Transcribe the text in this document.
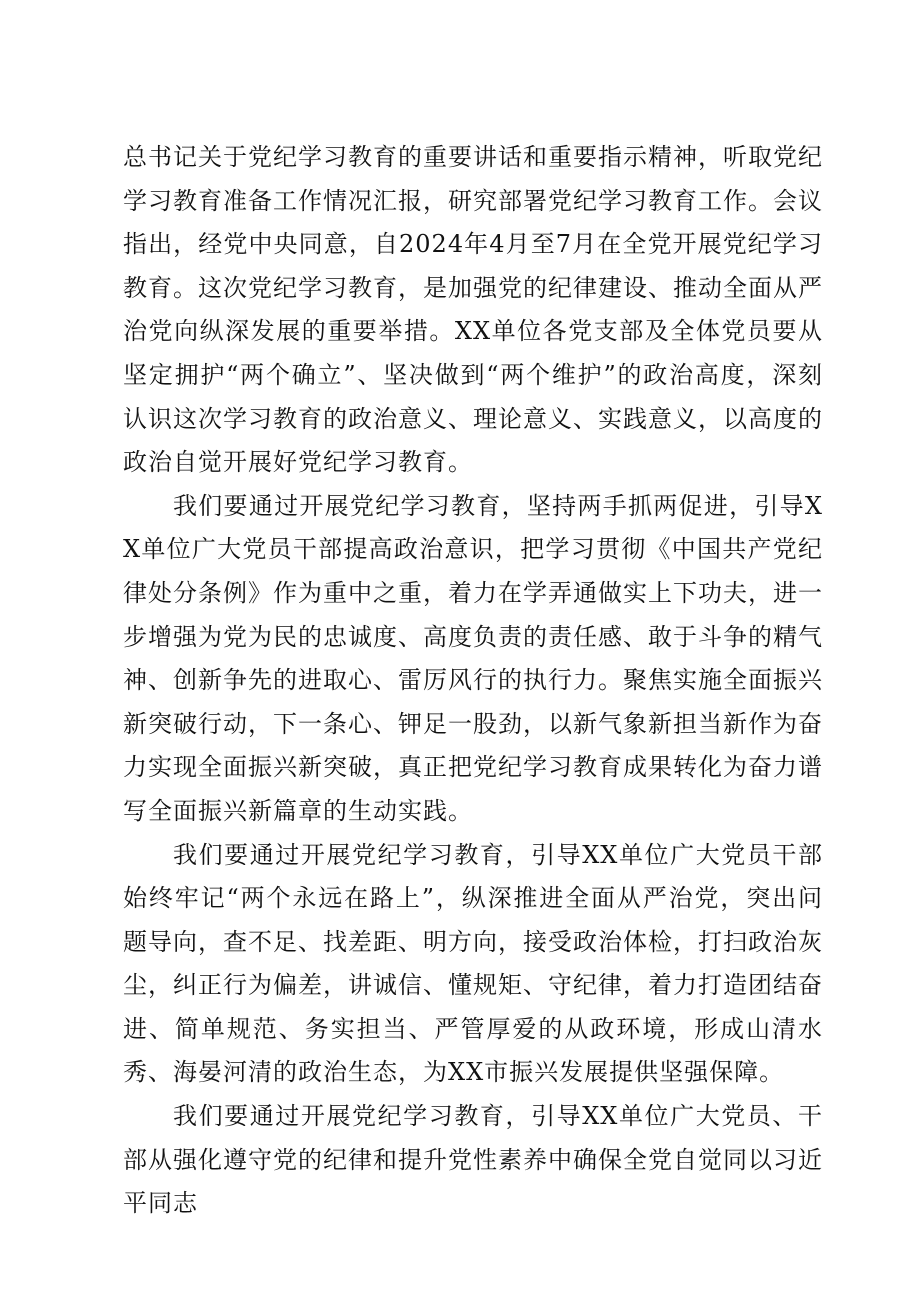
总书记关于党纪学习教育的重要讲话和重要指示精神，听取党纪学习教育准备工作情况汇报，研究部署党纪学习教育工作。会议指出，经党中央同意，自2024年4月至7月在全党开展党纪学习教育。这次党纪学习教育，是加强党的纪律建设、推动全面从严治党向纵深发展的重要举措。XX单位各党支部及全体党员要从坚定拥护“两个确立”、坚决做到“两个维护”的政治高度，深刻认识这次学习教育的政治意义、理论意义、实践意义，以高度的政治自觉开展好党纪学习教育。

我们要通过开展党纪学习教育，坚持两手抓两促进，引导XX单位广大党员干部提高政治意识，把学习贯彻《中国共产党纪律处分条例》作为重中之重，着力在学弄通做实上下功夫，进一步增强为党为民的忠诚度、高度负责的责任感、敢于斗争的精气神、创新争先的进取心、雷厉风行的执行力。聚焦实施全面振兴新突破行动，下一条心、钾足一股劲，以新气象新担当新作为奋力实现全面振兴新突破，真正把党纪学习教育成果转化为奋力谱写全面振兴新篇章的生动实践。

我们要通过开展党纪学习教育，引导XX单位广大党员干部始终牢记“两个永远在路上”，纵深推进全面从严治党，突出问题导向，查不足、找差距、明方向，接受政治体检，打扫政治灰尘，纠正行为偏差，讲诚信、懂规矩、守纪律，着力打造团结奋进、简单规范、务实担当、严管厚爱的从政环境，形成山清水秀、海晏河清的政治生态，为XX市振兴发展提供坚强保障。

我们要通过开展党纪学习教育，引导XX单位广大党员、干部从强化遵守党的纪律和提升党性素养中确保全党自觉同以习近平同志
